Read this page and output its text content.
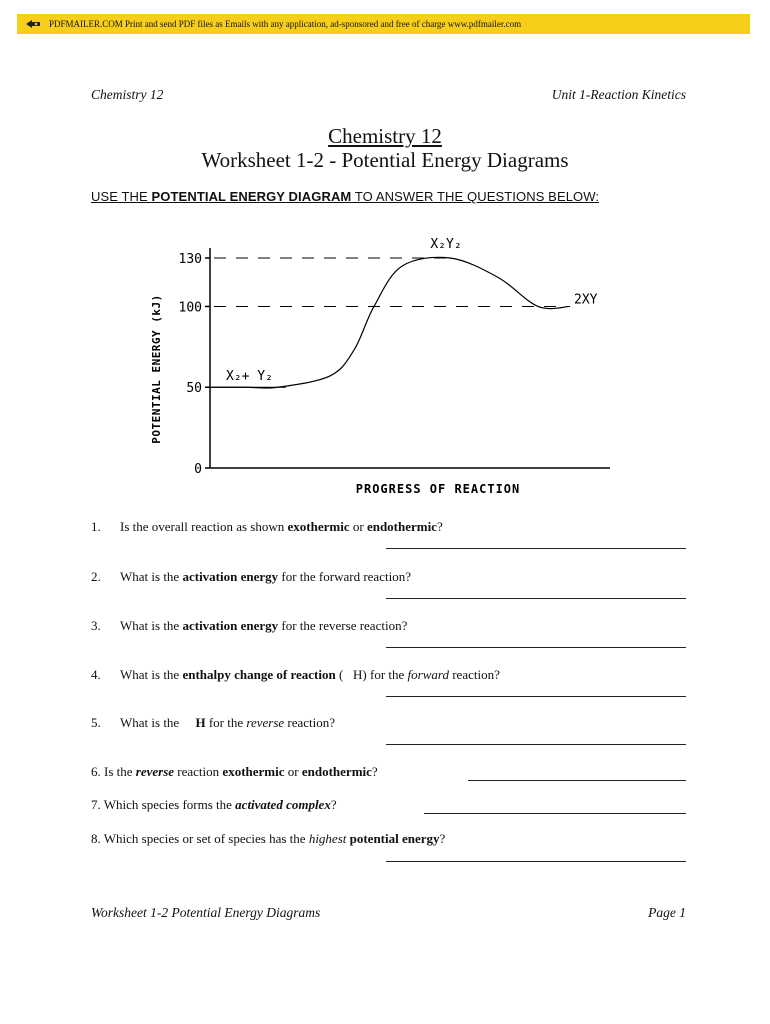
PDFMAILER.COM Print and send PDF files as Emails with any application, ad-sponsored and free of charge www.pdfmailer.com
Chemistry 12	Unit 1-Reaction Kinetics
Chemistry 12
Worksheet 1-2 - Potential Energy Diagrams
USE THE POTENTIAL ENERGY DIAGRAM TO ANSWER THE QUESTIONS BELOW:
0
50
100
130
X₂+ Y₂
X₂Y₂
2XY
PROGRESS OF REACTION
POTENTIAL ENERGY (kJ)
1. Is the overall reaction as shown exothermic or endothermic?
2. What is the activation energy for the forward reaction?
3. What is the activation energy for the reverse reaction?
4. What is the enthalpy change of reaction (   H) for the forward reaction?
5. What is the     H for the reverse reaction?
6. Is the reverse reaction exothermic or endothermic?
7. Which species forms the activated complex?
8. Which species or set of species has the highest potential energy?
Worksheet 1-2 Potential Energy Diagrams	Page 1
